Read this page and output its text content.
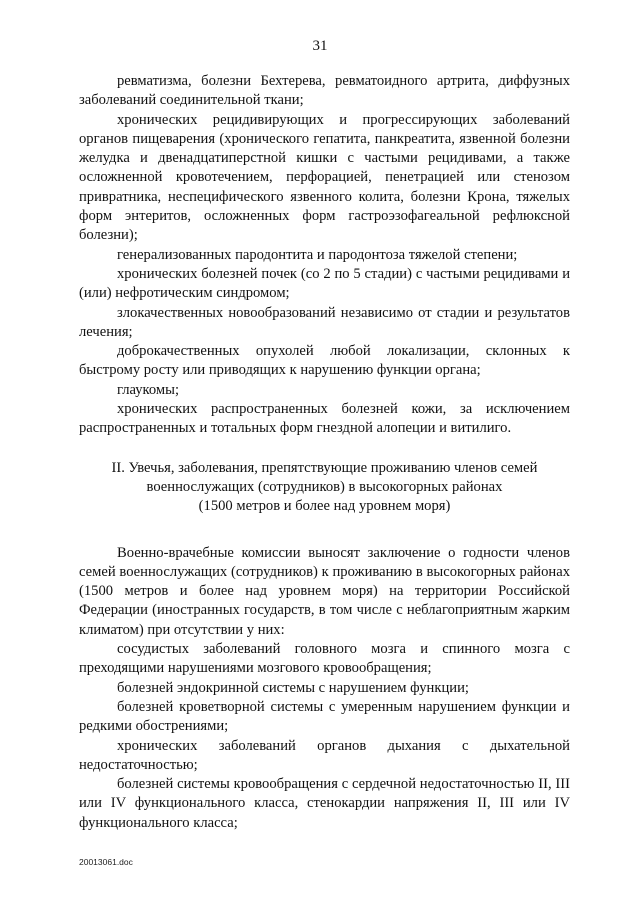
31

ревматизма, болезни Бехтерева, ревматоидного артрита, диффузных заболеваний соединительной ткани;

хронических рецидивирующих и прогрессирующих заболеваний органов пищеварения (хронического гепатита, панкреатита, язвенной болезни желудка и двенадцатиперстной кишки с частыми рецидивами, а также осложненной кровотечением, перфорацией, пенетрацией или стенозом привратника, неспецифического язвенного колита, болезни Крона, тяжелых форм энтеритов, осложненных форм гастроэзофагеальной рефлюксной болезни);

генерализованных пародонтита и пародонтоза тяжелой степени;

хронических болезней почек (со 2 по 5 стадии) с частыми рецидивами и (или) нефротическим синдромом;

злокачественных новообразований независимо от стадии и результатов лечения;

доброкачественных опухолей любой локализации, склонных к быстрому росту или приводящих к нарушению функции органа;

глаукомы;

хронических распространенных болезней кожи, за исключением распространенных и тотальных форм гнездной алопеции и витилиго.

II. Увечья, заболевания, препятствующие проживанию членов семей
военнослужащих (сотрудников) в высокогорных районах
(1500 метров и более над уровнем моря)

Военно-врачебные комиссии выносят заключение о годности членов семей военнослужащих (сотрудников) к проживанию в высокогорных районах (1500 метров и более над уровнем моря) на территории Российской Федерации (иностранных государств, в том числе с неблагоприятным жарким климатом) при отсутствии у них:

сосудистых заболеваний головного мозга и спинного мозга с преходящими нарушениями мозгового кровообращения;

болезней эндокринной системы с нарушением функции;

болезней кроветворной системы с умеренным нарушением функции и редкими обострениями;

хронических заболеваний органов дыхания с дыхательной недостаточностью;

болезней системы кровообращения с сердечной недостаточностью II, III или IV функционального класса, стенокардии напряжения II, III или IV функционального класса;

20013061.doc
